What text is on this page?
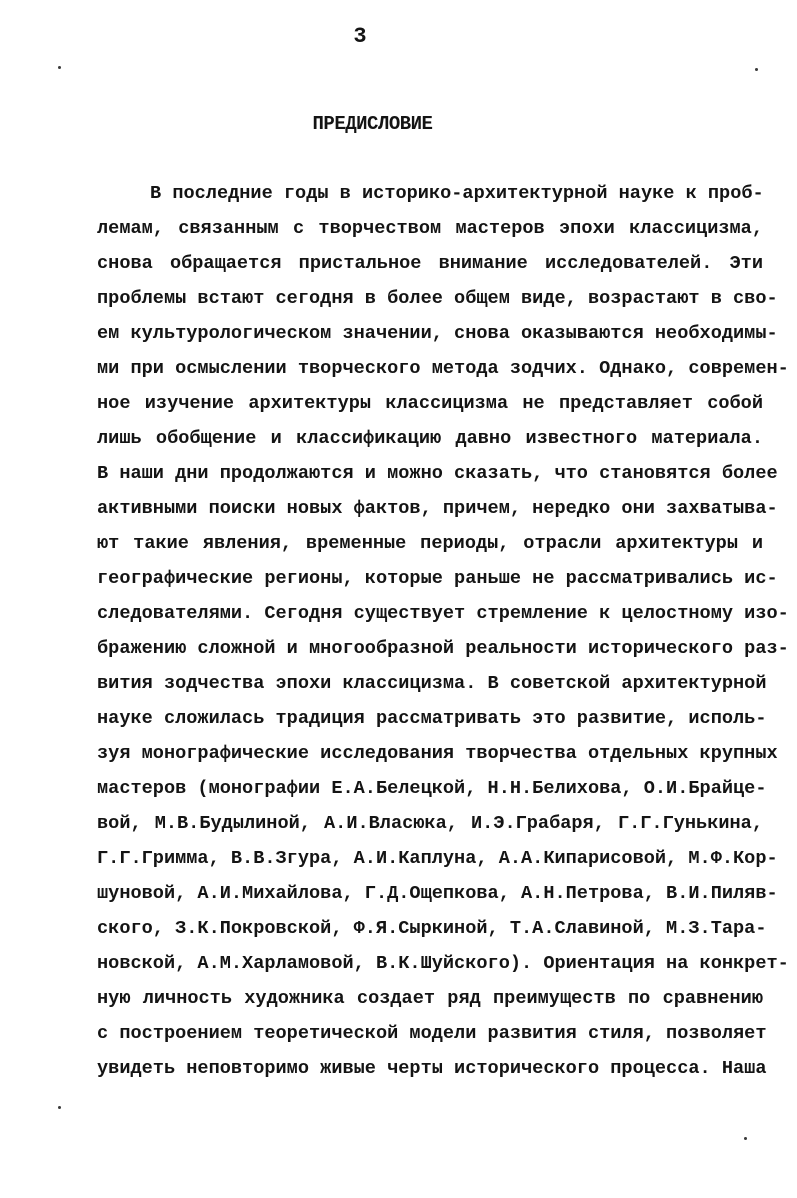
3
ПРЕДИСЛОВИЕ
В последние годы в историко-архитектурной науке к проб-
лемам, связанным с творчеством мастеров эпохи классицизма,
снова обращается пристальное внимание исследователей. Эти
проблемы встают сегодня в более общем виде, возрастают в сво-
ем культурологическом значении, снова оказываются необходимы-
ми при осмыслении творческого метода зодчих. Однако, современ-
ное изучение архитектуры классицизма не представляет собой
лишь обобщение и классификацию давно известного материала.
В наши дни продолжаются и можно сказать, что становятся более
активными поиски новых фактов, причем, нередко они захватыва-
ют такие явления, временные периоды, отрасли архитектуры и
географические регионы, которые раньше не рассматривались ис-
следователями. Сегодня существует стремление к целостному изо-
бражению сложной и многообразной реальности исторического раз-
вития зодчества эпохи классицизма. В советской архитектурной
науке сложилась традиция рассматривать это развитие, исполь-
зуя монографические исследования творчества отдельных крупных
мастеров (монографии Е.А.Белецкой, Н.Н.Белихова, О.И.Брайце-
вой, М.В.Будылиной, А.И.Власюка, И.Э.Грабаря, Г.Г.Гунькина,
Г.Г.Гримма, В.В.Згура, А.И.Каплуна, А.А.Кипарисовой, М.Ф.Кор-
шуновой, А.И.Михайлова, Г.Д.Ощепкова, А.Н.Петрова, В.И.Пиляв-
ского, З.К.Покровской, Ф.Я.Сыркиной, Т.А.Славиной, М.З.Тара-
новской, А.М.Харламовой, В.К.Шуйского). Ориентация на конкрет-
ную личность художника создает ряд преимуществ по сравнению
с построением теоретической модели развития стиля, позволяет
увидеть неповторимо живые черты исторического процесса. Наша
